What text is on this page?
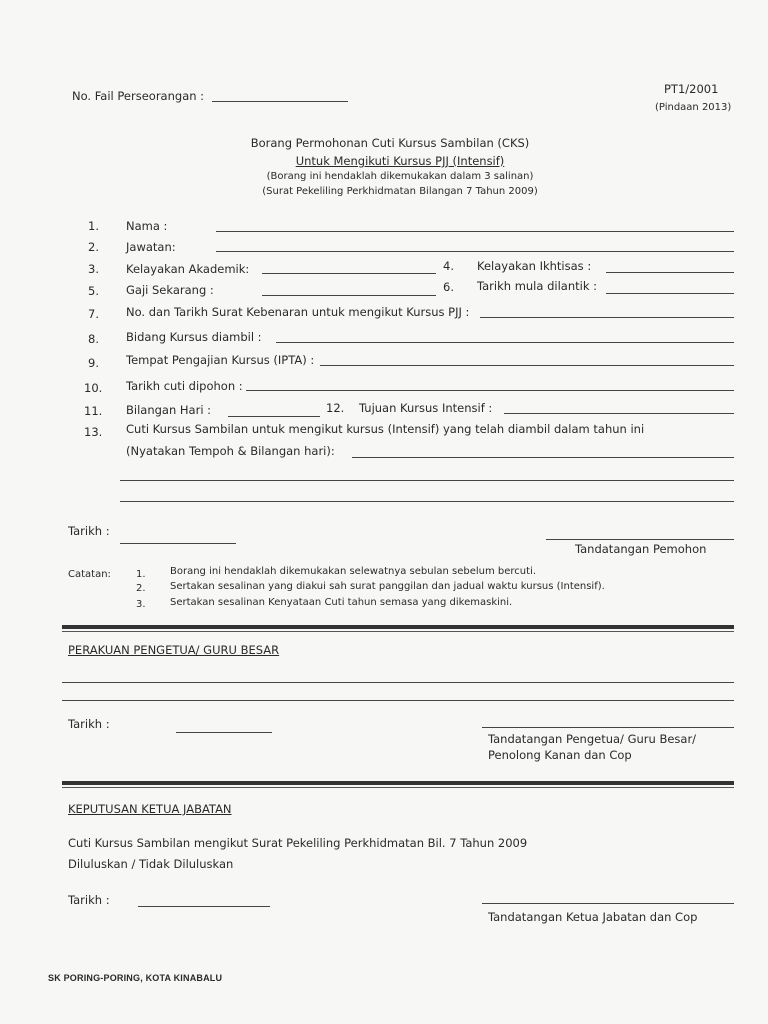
No. Fail Perseorangan :	PT1/2001
(Pindaan 2013)
Borang Permohonan Cuti Kursus Sambilan (CKS)
Untuk Mengikuti Kursus PJJ (Intensif)
(Borang ini hendaklah dikemukakan dalam 3 salinan)
(Surat Pekeliling Perkhidmatan Bilangan 7 Tahun 2009)
1. Nama :
2. Jawatan:
3. Kelayakan Akademik:	4. Kelayakan Ikhtisas :
5. Gaji Sekarang :	6. Tarikh mula dilantik :
7. No. dan Tarikh Surat Kebenaran untuk mengikut Kursus PJJ :
8. Bidang Kursus diambil :
9. Tempat Pengajian Kursus (IPTA) :
10. Tarikh cuti dipohon :
11. Bilangan Hari :	12. Tujuan Kursus Intensif :
13. Cuti Kursus Sambilan untuk mengikut kursus (Intensif) yang telah diambil dalam tahun ini
(Nyatakan Tempoh & Bilangan hari):
Tarikh :
Tandatangan Pemohon
Catatan:	1. Borang ini hendaklah dikemukakan selewatnya sebulan sebelum bercuti.
2. Sertakan sesalinan yang diakui sah surat panggilan dan jadual waktu kursus (Intensif).
3. Sertakan sesalinan Kenyataan Cuti tahun semasa yang dikemaskini.
PERAKUAN PENGETUA/ GURU BESAR
Tarikh :
Tandatangan Pengetua/ Guru Besar/
Penolong Kanan dan Cop
KEPUTUSAN KETUA JABATAN
Cuti Kursus Sambilan mengikut Surat Pekeliling Perkhidmatan Bil. 7 Tahun 2009
Diluluskan / Tidak Diluluskan
Tarikh :
Tandatangan Ketua Jabatan dan Cop
SK PORING-PORING, KOTA KINABALU
